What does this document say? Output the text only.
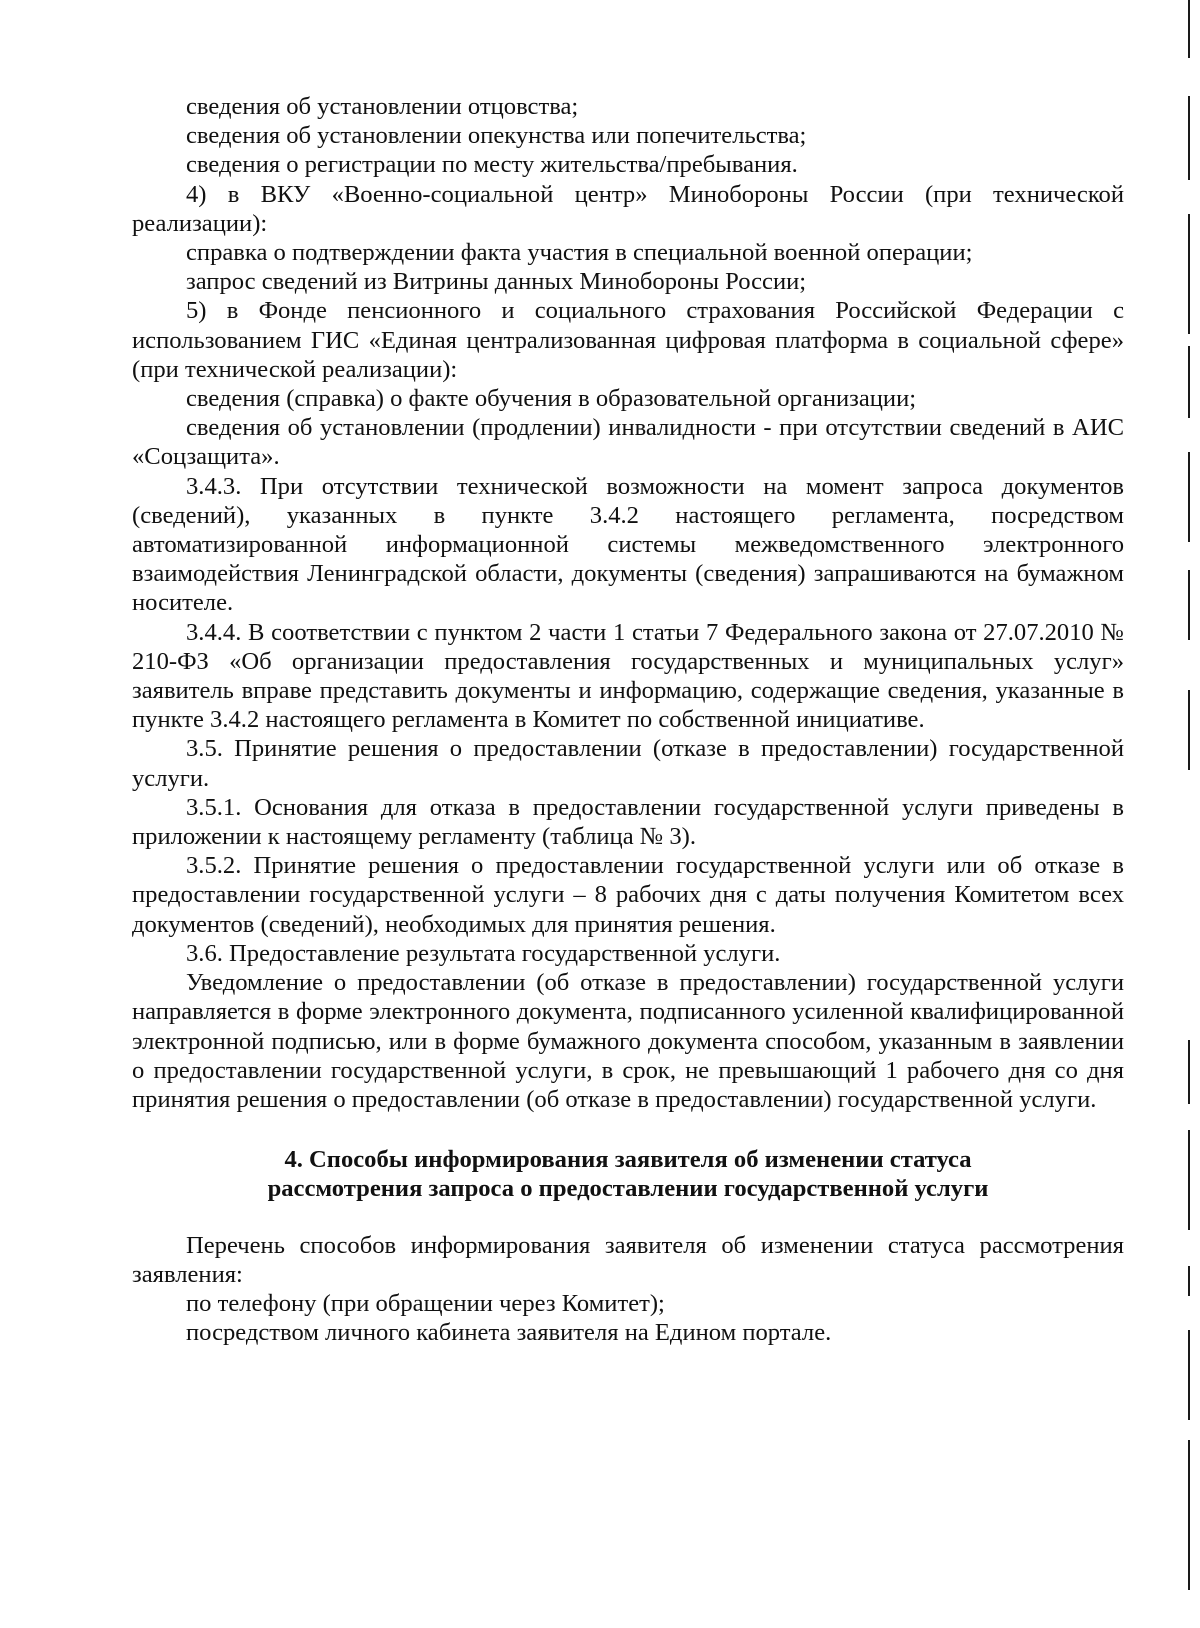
сведения об установлении отцовства;

сведения об установлении опекунства или попечительства;

сведения о регистрации по месту жительства/пребывания.

4) в ВКУ «Военно-социальной центр» Минобороны России (при технической реализации):

справка о подтверждении факта участия в специальной военной операции;

запрос сведений из Витрины данных Минобороны России;

5) в Фонде пенсионного и социального страхования Российской Федерации с использованием ГИС «Единая централизованная цифровая платформа в социальной сфере» (при технической реализации):

сведения (справка) о факте обучения в образовательной организации;

сведения об установлении (продлении) инвалидности - при отсутствии сведений в АИС «Соцзащита».

3.4.3. При отсутствии технической возможности на момент запроса документов (сведений), указанных в пункте 3.4.2 настоящего регламента, посредством автоматизированной информационной системы межведомственного электронного взаимодействия Ленинградской области, документы (сведения) запрашиваются на бумажном носителе.

3.4.4. В соответствии с пунктом 2 части 1 статьи 7 Федерального закона от 27.07.2010 № 210-ФЗ «Об организации предоставления государственных и муниципальных услуг» заявитель вправе представить документы и информацию, содержащие сведения, указанные в пункте 3.4.2 настоящего регламента в Комитет по собственной инициативе.

3.5. Принятие решения о предоставлении (отказе в предоставлении) государственной услуги.

3.5.1. Основания для отказа в предоставлении государственной услуги приведены в приложении к настоящему регламенту (таблица № 3).

3.5.2. Принятие решения о предоставлении государственной услуги или об отказе в предоставлении государственной услуги – 8 рабочих дня с даты получения Комитетом всех документов (сведений), необходимых для принятия решения.

3.6. Предоставление результата государственной услуги.

Уведомление о предоставлении (об отказе в предоставлении) государственной услуги направляется в форме электронного документа, подписанного усиленной квалифицированной электронной подписью, или в форме бумажного документа способом, указанным в заявлении о предоставлении государственной услуги, в срок, не превышающий 1 рабочего дня со дня принятия решения о предоставлении (об отказе в предоставлении) государственной услуги.

4. Способы информирования заявителя об изменении статуса
рассмотрения запроса о предоставлении государственной услуги

Перечень способов информирования заявителя об изменении статуса рассмотрения заявления:

по телефону (при обращении через Комитет);

посредством личного кабинета заявителя на Едином портале.
